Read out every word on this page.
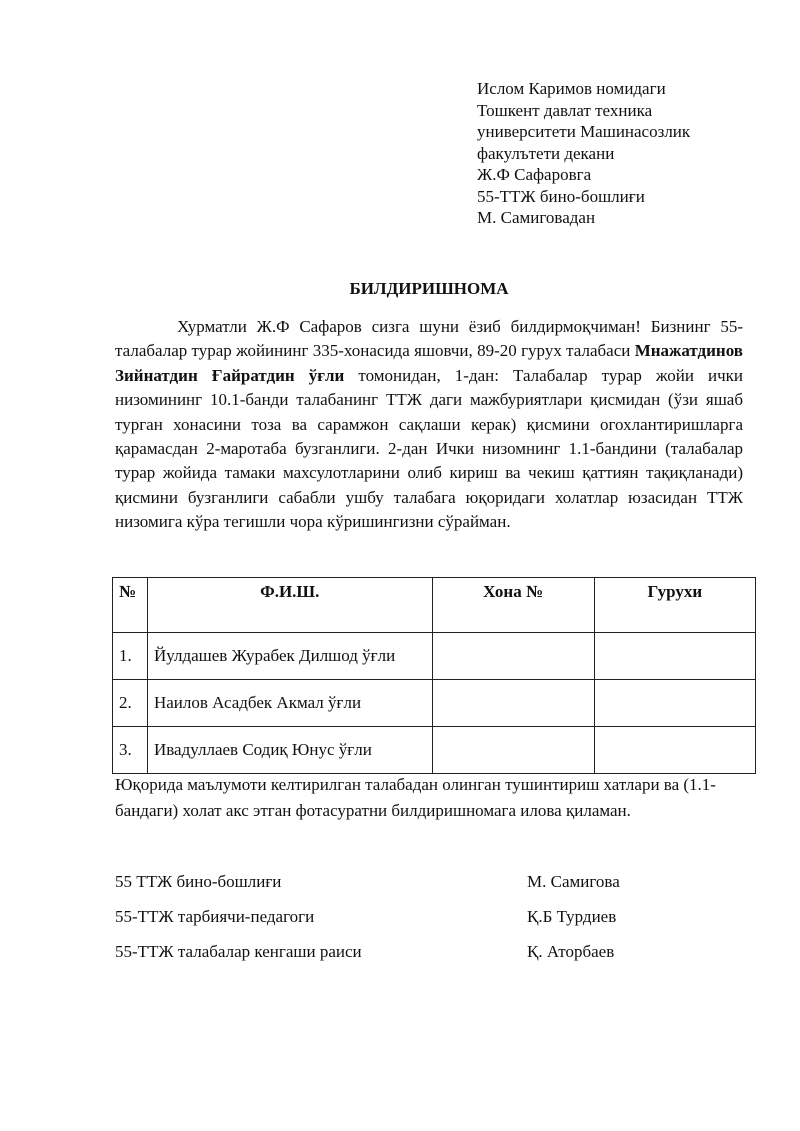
Ислом Каримов номидаги
Тошкент давлат техника
университети Машинасозлик
факулътети декани
Ж.Ф Сафаровга
55-ТТЖ бино-бошлиғи
М. Самиговадан
БИЛДИРИШНОМА
Хурматли Ж.Ф Сафаров сизга шуни ёзиб билдирмоқчиман! Бизнинг 55-талабалар турар жойининг 335-хонасида яшовчи, 89-20 гурух талабаси Мнажатдинов Зийнатдин Ғайратдин ўғли томонидан, 1-дан: Талабалар турар жойи ички низомининг 10.1-банди талабанинг ТТЖ даги мажбуриятлари қисмидан (ўзи яшаб турган хонасини тоза ва сарамжон сақлаши керак) қисмини огохлантиришларга қарамасдан 2-маротаба бузганлиги. 2-дан Ички низомнинг 1.1-бандини (талабалар турар жойида тамаки махсулотларини олиб кириш ва чекиш қаттиян тақиқланади) қисмини бузганлиги сабабли ушбу талабага юқоридаги холатлар юзасидан ТТЖ низомига кўра тегишли чора кўришингизни сўрайман.
№	Ф.И.Ш.	Хона №	Гурухи
1.	Йулдашев Журабек Дилшод ўғли		
2.	Наилов Асадбек Акмал ўғли		
3.	Ивадуллаев Содиқ Юнус ўғли		
Юқорида маълумоти келтирилган талабадан олинган тушинтириш хатлари ва (1.1-бандаги) холат акс этган фотасуратни билдиришномага илова қиламан.
55 ТТЖ бино-бошлиғи	М. Самигова
55-ТТЖ тарбиячи-педагоги	Қ.Б Турдиев
55-ТТЖ талабалар кенгаши раиси	Қ. Аторбаев
